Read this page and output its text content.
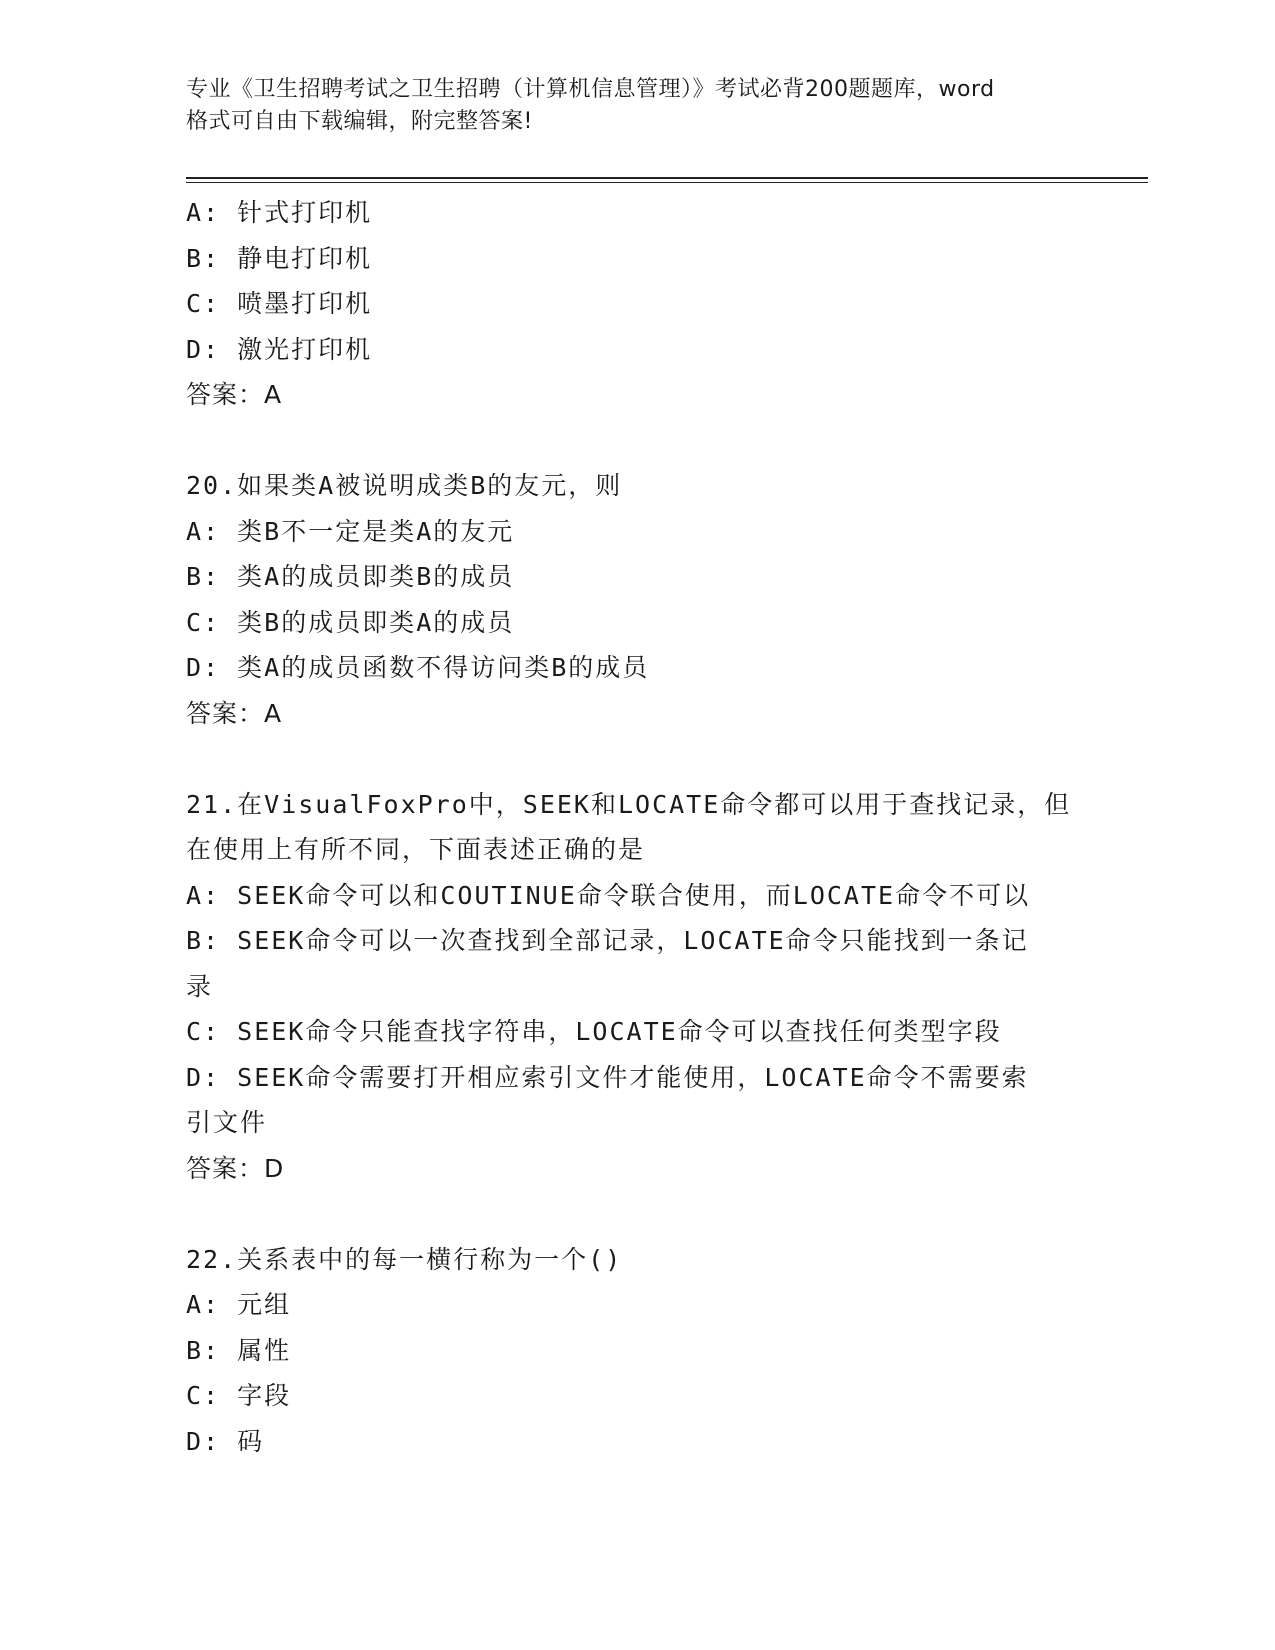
专业《卫生招聘考试之卫生招聘（计算机信息管理）》考试必背200题题库，word
格式可自由下载编辑，附完整答案!
A: 针式打印机
B: 静电打印机
C: 喷墨打印机
D: 激光打印机
答案：A
20.如果类A被说明成类B的友元，则
A: 类B不一定是类A的友元
B: 类A的成员即类B的成员
C: 类B的成员即类A的成员
D: 类A的成员函数不得访问类B的成员
答案：A
21.在VisualFoxPro中，SEEK和LOCATE命令都可以用于查找记录，但
在使用上有所不同，下面表述正确的是
A: SEEK命令可以和COUTINUE命令联合使用，而LOCATE命令不可以
B: SEEK命令可以一次查找到全部记录，LOCATE命令只能找到一条记
录
C: SEEK命令只能查找字符串，LOCATE命令可以查找任何类型字段
D: SEEK命令需要打开相应索引文件才能使用，LOCATE命令不需要索
引文件
答案：D
22.关系表中的每一横行称为一个()
A: 元组
B: 属性
C: 字段
D: 码
